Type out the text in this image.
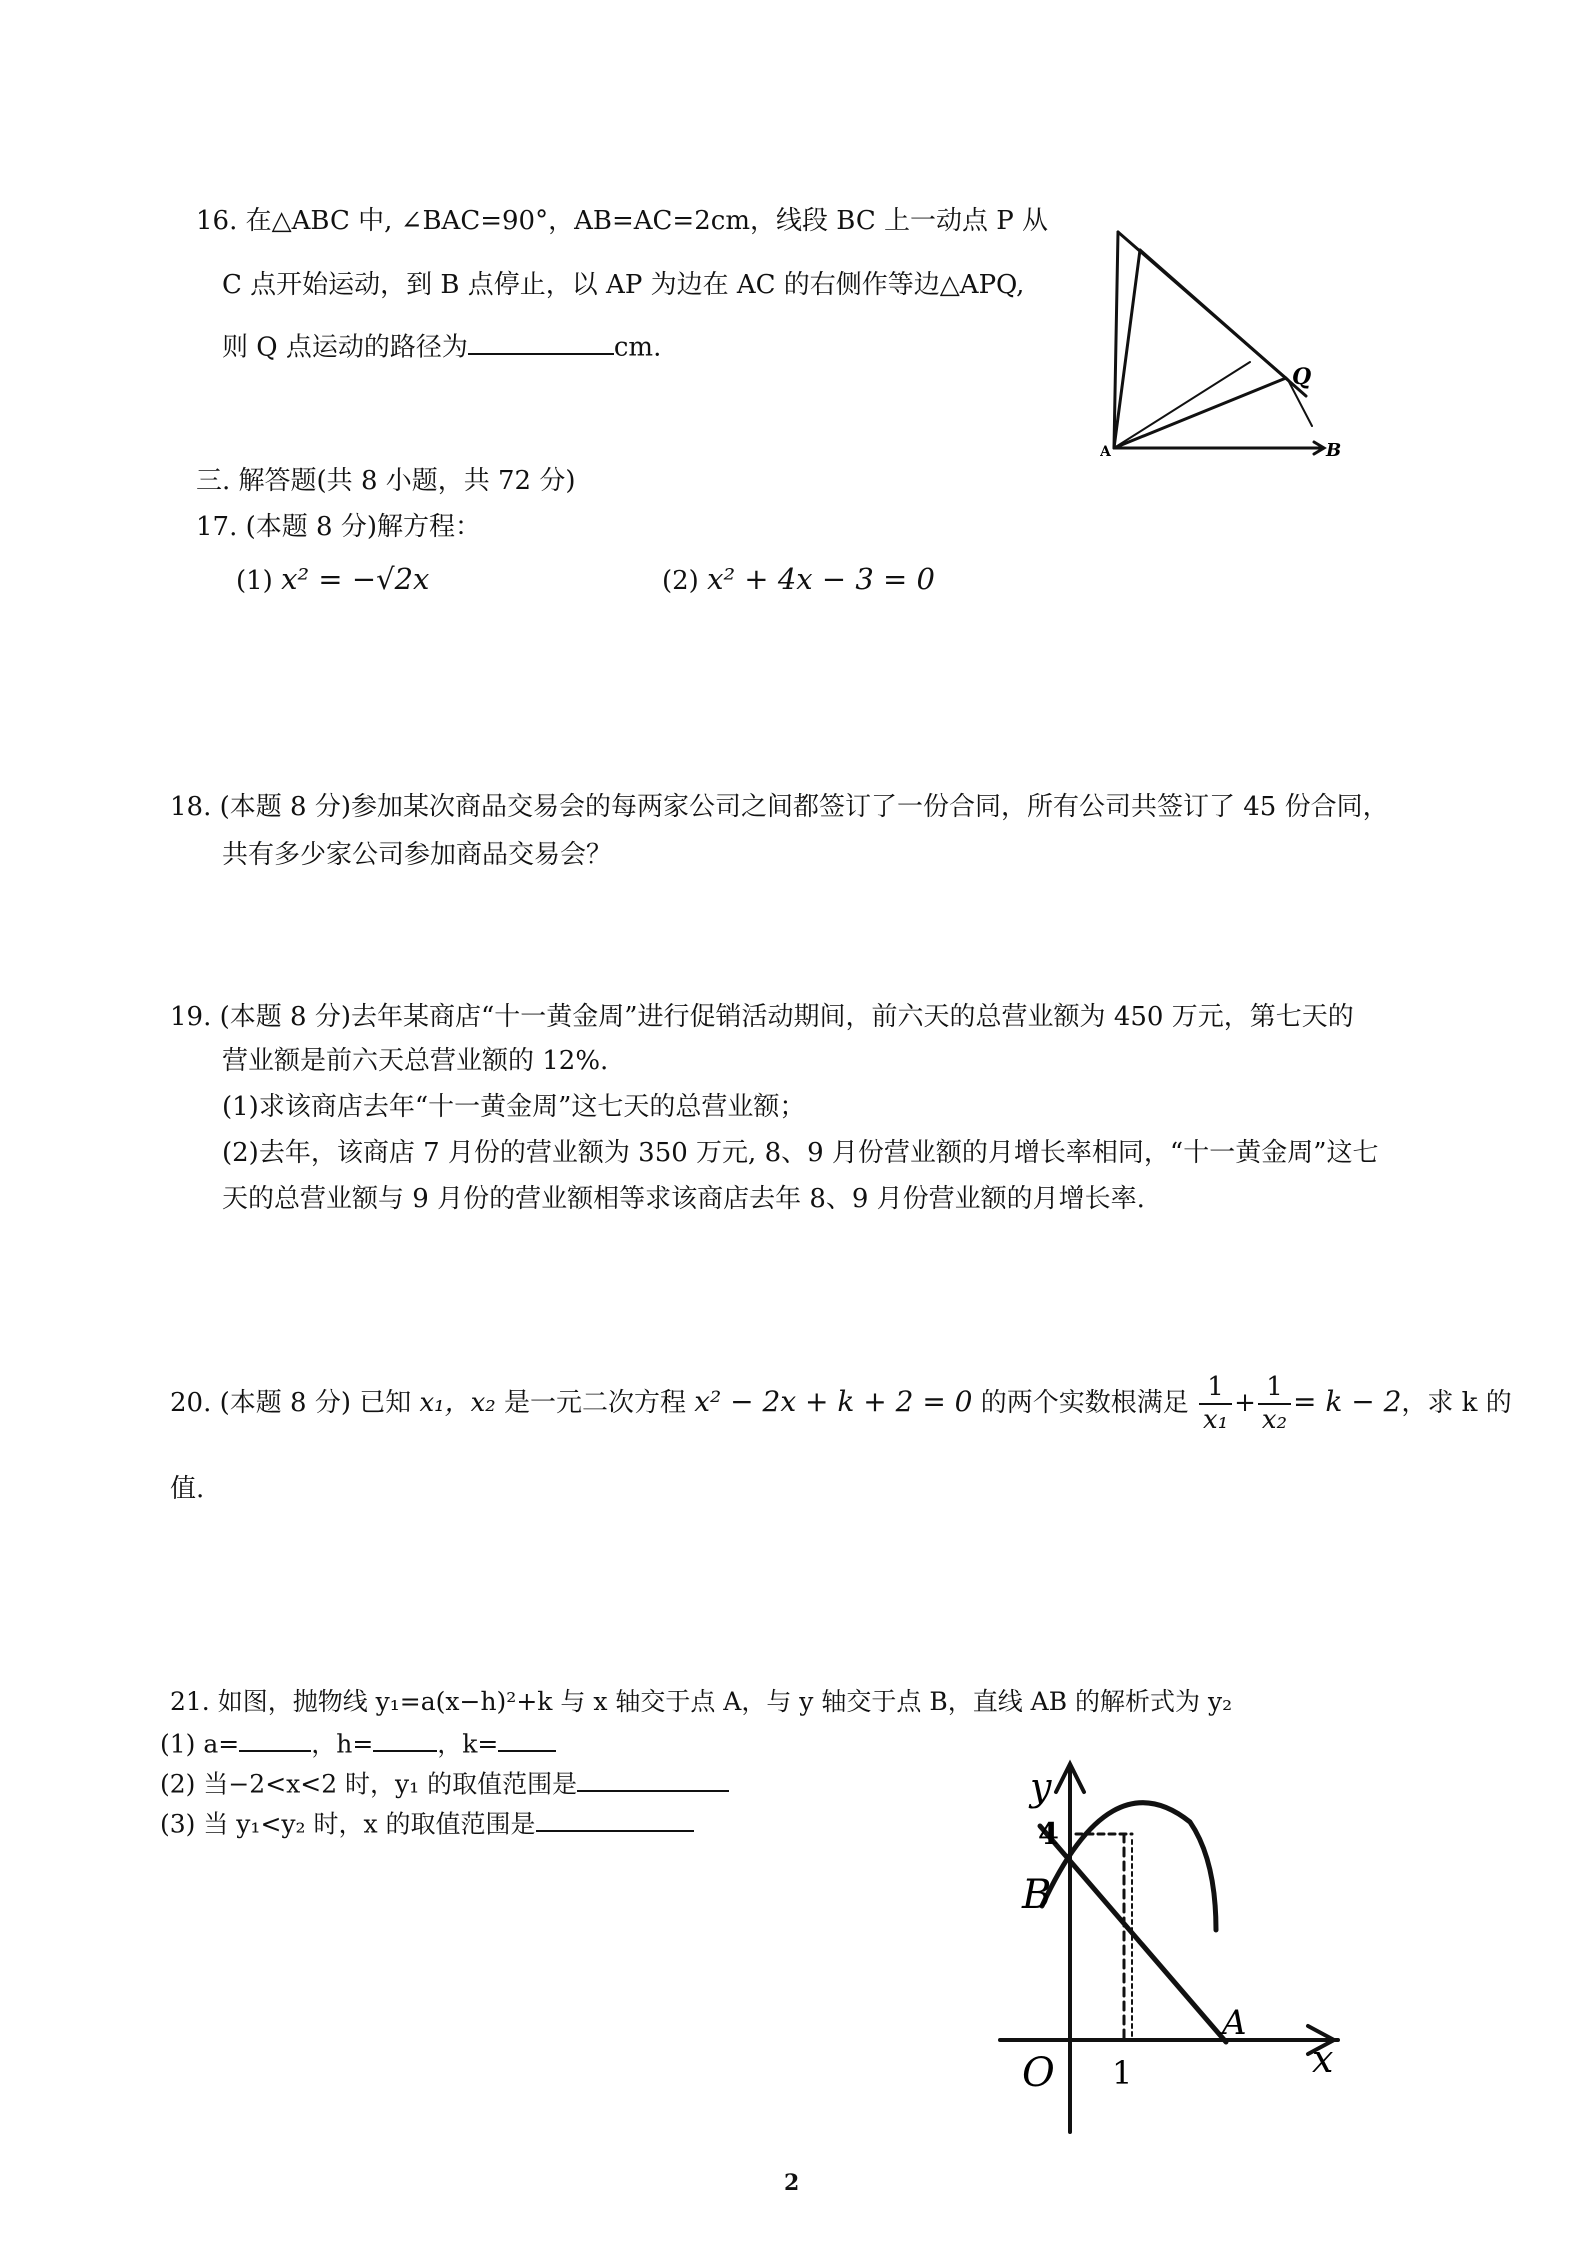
16. 在△ABC 中, ∠BAC=90°，AB=AC=2cm，线段 BC 上一动点 P 从
C 点开始运动，到 B 点停止，以 AP 为边在 AC 的右侧作等边△APQ,
则 Q 点运动的路径为	cm.
Q
A	B
三. 解答题(共 8 小题，共 72 分)
17. (本题 8 分)解方程：
(1) x² = −√2x	(2) x² + 4x − 3 = 0
18. (本题 8 分)参加某次商品交易会的每两家公司之间都签订了一份合同，所有公司共签订了 45 份合同，
共有多少家公司参加商品交易会？
19. (本题 8 分)去年某商店“十一黄金周”进行促销活动期间，前六天的总营业额为 450 万元，第七天的
营业额是前六天总营业额的 12%.
(1)求该商店去年“十一黄金周”这七天的总营业额；
(2)去年，该商店 7 月份的营业额为 350 万元, 8、9 月份营业额的月增长率相同，“十一黄金周”这七
天的总营业额与 9 月份的营业额相等求该商店去年 8、9 月份营业额的月增长率.
20. (本题 8 分) 已知 x₁，x₂ 是一元二次方程 x² − 2x + k + 2 = 0 的两个实数根满足 $\frac{1}{\text{x₁}} + \frac{1}{\text{x₂}} = k - 2$，求 k 的
值.
21. 如图，抛物线 y₁=a(x−h)²+k 与 x 轴交于点 A，与 y 轴交于点 B，直线 AB 的解析式为 y₂
(1) a=	，h=	，k=
(2) 当−2<x<2 时，y₁ 的取值范围是
(3) 当 y₁<y₂ 时，x 的取值范围是
y
4
B
O 1
A
x
2
